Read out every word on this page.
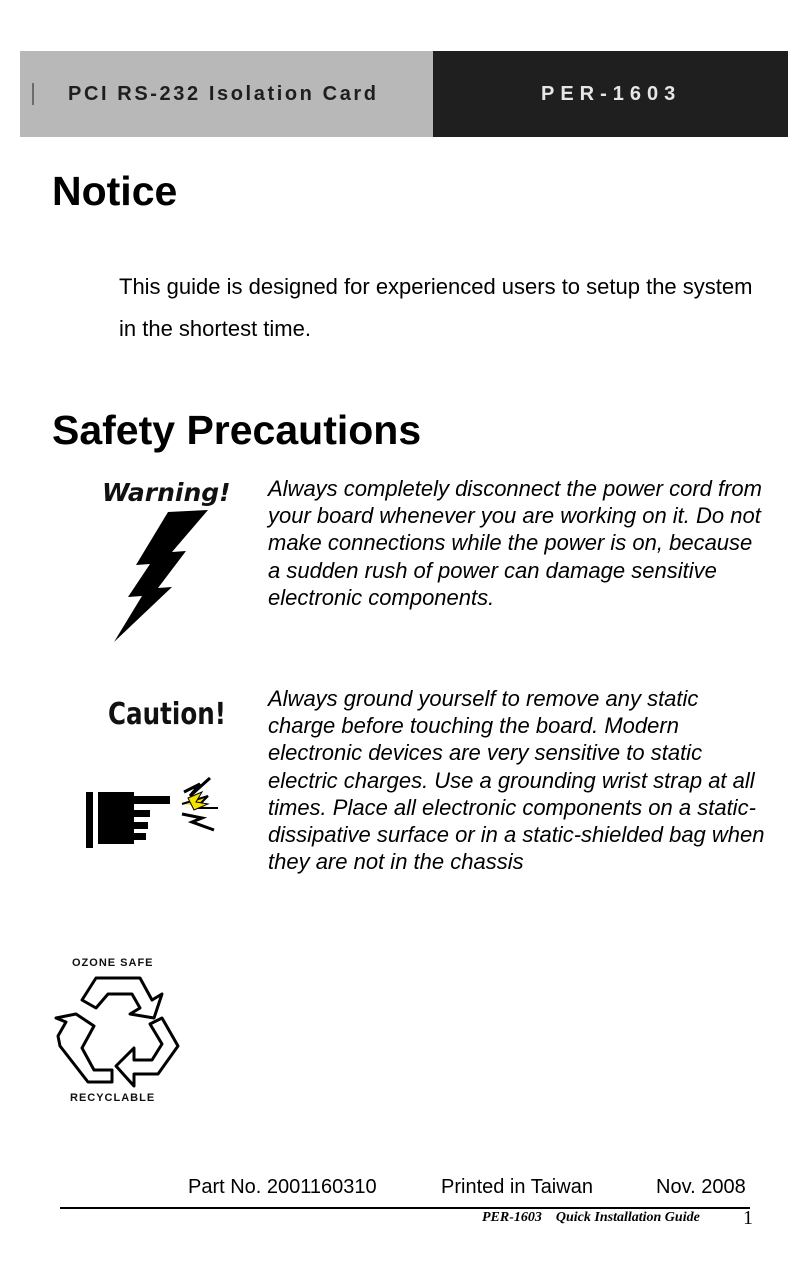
PCI RS-232 Isolation Card	PER-1603
Notice
This guide is designed for experienced users to setup the system in the shortest time.
Safety Precautions
Warning! Always completely disconnect the power cord from your board whenever you are working on it. Do not make connections while the power is on, because a sudden rush of power can damage sensitive electronic components.
Caution! Always ground yourself to remove any static charge before touching the board. Modern electronic devices are very sensitive to static electric charges. Use a grounding wrist strap at all times. Place all electronic components on a static-dissipative surface or in a static-shielded bag when they are not in the chassis
OZONE SAFE
RECYCLABLE
Part No. 2001160310	Printed in Taiwan	Nov. 2008
PER-1603 Quick Installation Guide 1
